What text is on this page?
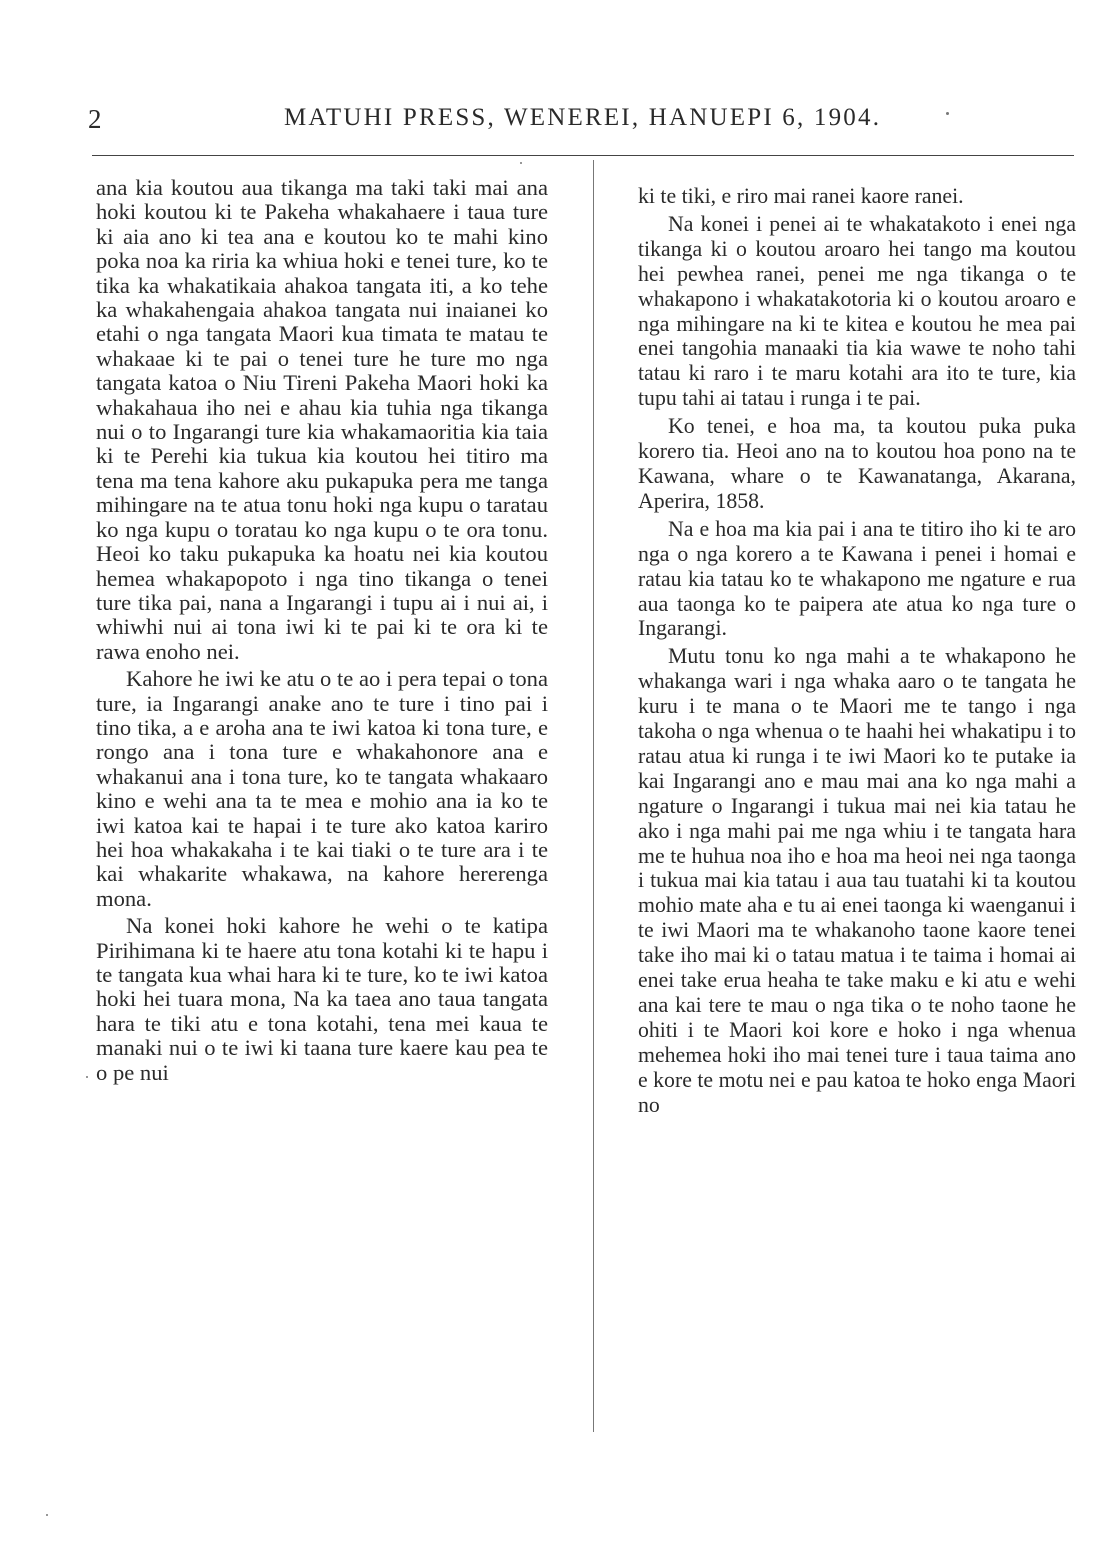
2	MATUHI PRESS, WENEREI, HANUEPI 6, 1904.

ana kia koutou aua tikanga ma taki taki mai ana hoki koutou ki te Pakeha whakahaere i taua ture ki aia ano ki tea ana e koutou ko te mahi kino poka noa ka riria ka whiua hoki e tenei ture, ko te tika ka whakatikaia ahakoa tangata iti, a ko tehe ka whakahengaia ahakoa tangata nui inaianei ko etahi o nga tangata Maori kua timata te matau te whakaae ki te pai o tenei ture he ture mo nga tangata katoa o Niu Tireni Pakeha Maori hoki ka whakahaua iho nei e ahau kia tuhia nga tikanga nui o to Ingarangi ture kia whakamaoritia kia taia ki te Perehi kia tukua kia koutou hei titiro ma tena ma tena kahore aku pukapuka pera me tanga mihingare na te atua tonu hoki nga kupu o taratau ko nga kupu o toratau ko nga kupu o te ora tonu. Heoi ko taku pukapuka ka hoatu nei kia koutou hemea whakapopoto i nga tino tikanga o tenei ture tika pai, nana a Ingarangi i tupu ai i nui ai, i whiwhi nui ai tona iwi ki te pai ki te ora ki te rawa enoho nei.

Kahore he iwi ke atu o te ao i pera tepai o tona ture, ia Ingarangi anake ano te ture i tino pai i tino tika, a e aroha ana te iwi katoa ki tona ture, e rongo ana i tona ture e whakahonore ana e whakanui ana i tona ture, ko te tangata whakaaro kino e wehi ana ta te mea e mohio ana ia ko te iwi katoa kai te hapai i te ture ako katoa kariro hei hoa whakakaha i te kai tiaki o te ture ara i te kai whakarite whakawa, na kahore hererenga mona.

Na konei hoki kahore he wehi o te katipa Pirihimana ki te haere atu tona kotahi ki te hapu i te tangata kua whai hara ki te ture, ko te iwi katoa hoki hei tuara mona, Na ka taea ano taua tangata hara te tiki atu e tona kotahi, tena mei kaua te manaki nui o te iwi ki taana ture kaere kau pea te o pe nui

ki te tiki, e riro mai ranei kaore ranei.

Na konei i penei ai te whakatakoto i enei nga tikanga ki o koutou aroaro hei tango ma koutou hei pewhea ranei, penei me nga tikanga o te whakapono i whakatakotoria ki o koutou aroaro e nga mihingare na ki te kitea e koutou he mea pai enei tangohia manaaki tia kia wawe te noho tahi tatau ki raro i te maru kotahi ara ito te ture, kia tupu tahi ai tatau i runga i te pai.

Ko tenei, e hoa ma, ta koutou puka puka korero tia. Heoi ano na to koutou hoa pono na te Kawana, whare o te Kawanatanga, Akarana, Aperira, 1858.

Na e hoa ma kia pai i ana te titiro iho ki te aro nga o nga korero a te Kawana i penei i homai e ratau kia tatau ko te whakapono me ngature e rua aua taonga ko te paipera ate atua ko nga ture o Ingarangi.

Mutu tonu ko nga mahi a te whakapono he whakanga wari i nga whaka aaro o te tangata he kuru i te mana o te Maori me te tango i nga takoha o nga whenua o te haahi hei whakatipu i to ratau atua ki runga i te iwi Maori ko te putake ia kai Ingarangi ano e mau mai ana ko nga mahi a ngature o Ingarangi i tukua mai nei kia tatau he ako i nga mahi pai me nga whiu i te tangata hara me te huhua noa iho e hoa ma heoi nei nga taonga i tukua mai kia tatau i aua tau tuatahi ki ta koutou mohio mate aha e tu ai enei taonga ki waenganui i te iwi Maori ma te whakanoho taone kaore tenei take iho mai ki o tatau matua i te taima i homai ai enei take erua heaha te take maku e ki atu e wehi ana kai tere te mau o nga tika o te noho taone he ohiti i te Maori koi kore e hoko i nga whenua mehemea hoki iho mai tenei ture i taua taima ano e kore te motu nei e pau katoa te hoko enga Maori no
